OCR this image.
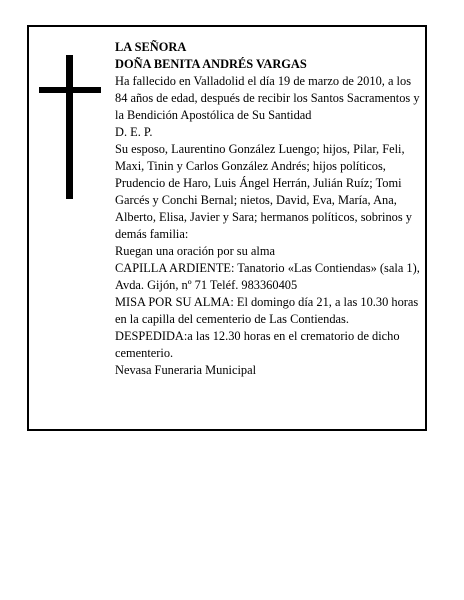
LA SEÑORA

DOÑA BENITA ANDRÉS VARGAS

Ha fallecido en Valladolid el día 19 de marzo de 2010, a los 84 años de edad, después de recibir los Santos Sacramentos y la Bendición Apostólica de Su Santidad

D. E. P.

Su esposo, Laurentino González Luengo; hijos, Pilar, Feli, Maxi, Tinin y Carlos González Andrés; hijos políticos, Prudencio de Haro, Luis Ángel Herrán, Julián Ruíz; Tomi Garcés y Conchi Bernal; nietos, David, Eva, María, Ana, Alberto, Elisa, Javier y Sara; hermanos políticos, sobrinos y demás familia:

Ruegan una oración por su alma

CAPILLA ARDIENTE: Tanatorio «Las Contiendas» (sala 1), Avda. Gijón, nº 71 Teléf. 983360405

MISA POR SU ALMA: El domingo día 21, a las 10.30 horas en la capilla del cementerio de Las Contiendas.

DESPEDIDA:a las 12.30 horas en el crematorio de dicho cementerio.

Nevasa Funeraria Municipal
